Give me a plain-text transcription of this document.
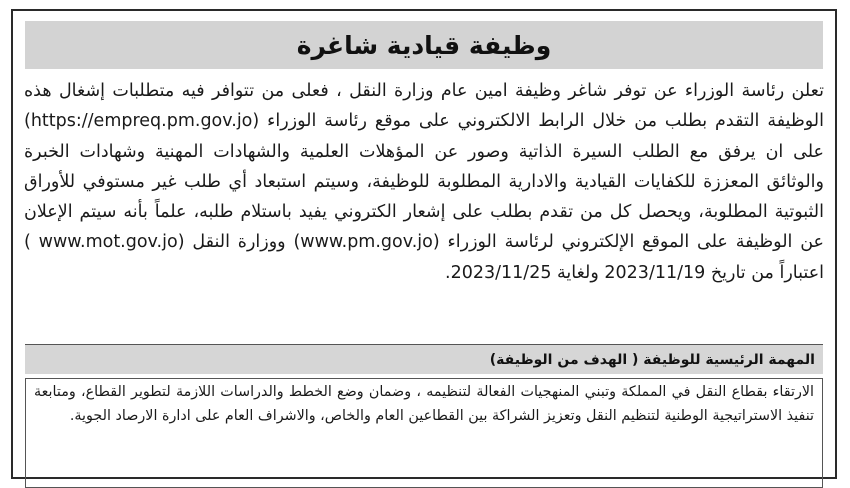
وظيفة قيادية شاغرة

تعلن رئاسة الوزراء عن توفر شاغر وظيفة امين عام وزارة النقل ، فعلى من تتوافر فيه متطلبات إشغال هذه الوظيفة التقدم بطلب من خلال الرابط الالكتروني على موقع رئاسة الوزراء (https://empreq.pm.gov.jo) على ان يرفق مع الطلب السيرة الذاتية وصور عن المؤهلات العلمية والشهادات المهنية وشهادات الخبرة والوثائق المعززة للكفايات القيادية والادارية المطلوبة للوظيفة، وسيتم استبعاد أي طلب غير مستوفي للأوراق الثبوتية المطلوبة، ويحصل كل من تقدم بطلب على إشعار الكتروني يفيد باستلام طلبه، علماً بأنه سيتم الإعلان عن الوظيفة على الموقع الإلكتروني لرئاسة الوزراء (www.pm.gov.jo) ووزارة النقل (www.mot.gov.jo ) اعتباراً من تاريخ 2023/11/19 ولغاية 2023/11/25.

المهمة الرئيسية للوظيفة ( الهدف من الوظيفة)

الارتقاء بقطاع النقل في المملكة وتبني المنهجيات الفعالة لتنظيمه ، وضمان وضع الخطط والدراسات اللازمة لتطوير القطاع، ومتابعة تنفيذ الاستراتيجية الوطنية لتنظيم النقل وتعزيز الشراكة بين القطاعين العام والخاص، والاشراف العام على ادارة الارصاد الجوية.
